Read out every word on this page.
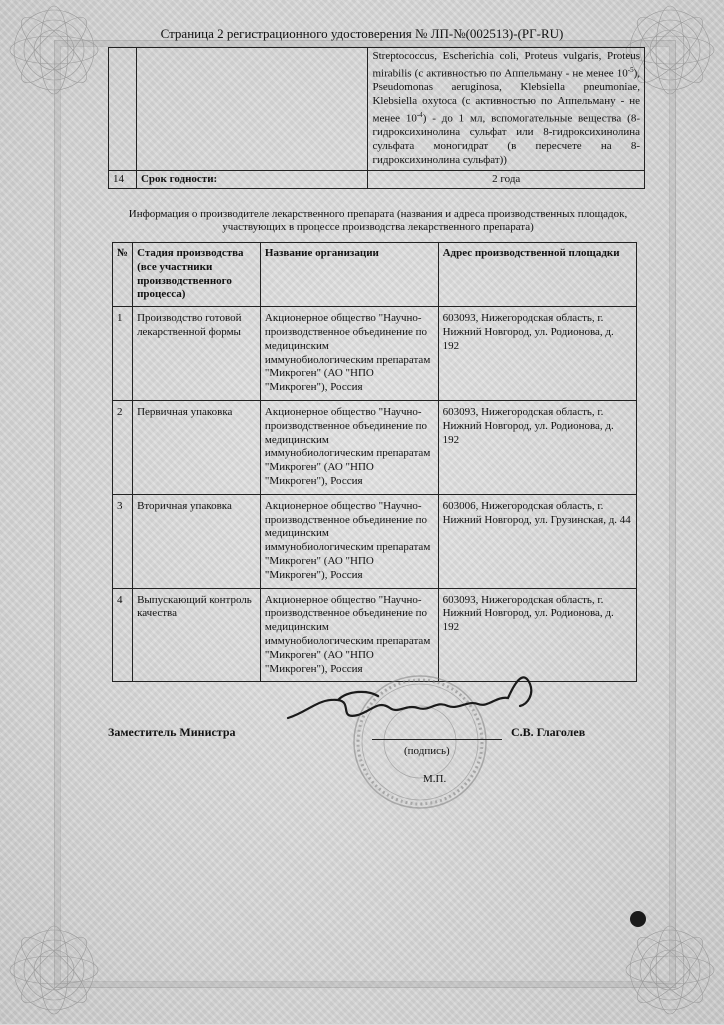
Страница 2 регистрационного удостоверения № ЛП-№(002513)-(РГ-RU)
		Streptococcus, Escherichia coli, Proteus vulgaris, Proteus mirabilis (с активностью по Аппельману - не менее $10^{-5}$), Pseudomonas aeruginosa, Klebsiella pneumoniae, Klebsiella oxytoca (с активностью по Аппельману - не менее $10^{-4}$) - до 1 мл, вспомогательные вещества (8-гидроксихинолина сульфат или 8-гидроксихинолина сульфата моногидрат (в пересчете на 8-гидроксихинолина сульфат))
14	Срок годности:	2 года
Информация о производителе лекарственного препарата (названия и адреса производственных площадок, участвующих в процессе производства лекарственного препарата)
№	Стадия производства (все участники производственного процесса)	Название организации	Адрес производственной площадки
1	Производство готовой лекарственной формы	Акционерное общество "Научно-производственное объединение по медицинским иммунобиологическим препаратам "Микроген" (АО "НПО "Микроген"), Россия	603093, Нижегородская область, г. Нижний Новгород, ул. Родионова, д. 192
2	Первичная упаковка	Акционерное общество "Научно-производственное объединение по медицинским иммунобиологическим препаратам "Микроген" (АО "НПО "Микроген"), Россия	603093, Нижегородская область, г. Нижний Новгород, ул. Родионова, д. 192
3	Вторичная упаковка	Акционерное общество "Научно-производственное объединение по медицинским иммунобиологическим препаратам "Микроген" (АО "НПО "Микроген"), Россия	603006, Нижегородская область, г. Нижний Новгород, ул. Грузинская, д. 44
4	Выпускающий контроль качества	Акционерное общество "Научно-производственное объединение по медицинским иммунобиологическим препаратам "Микроген" (АО "НПО "Микроген"), Россия	603093, Нижегородская область, г. Нижний Новгород, ул. Родионова, д. 192
Заместитель Министра	С.В. Глаголев
(подпись)
М.П.
